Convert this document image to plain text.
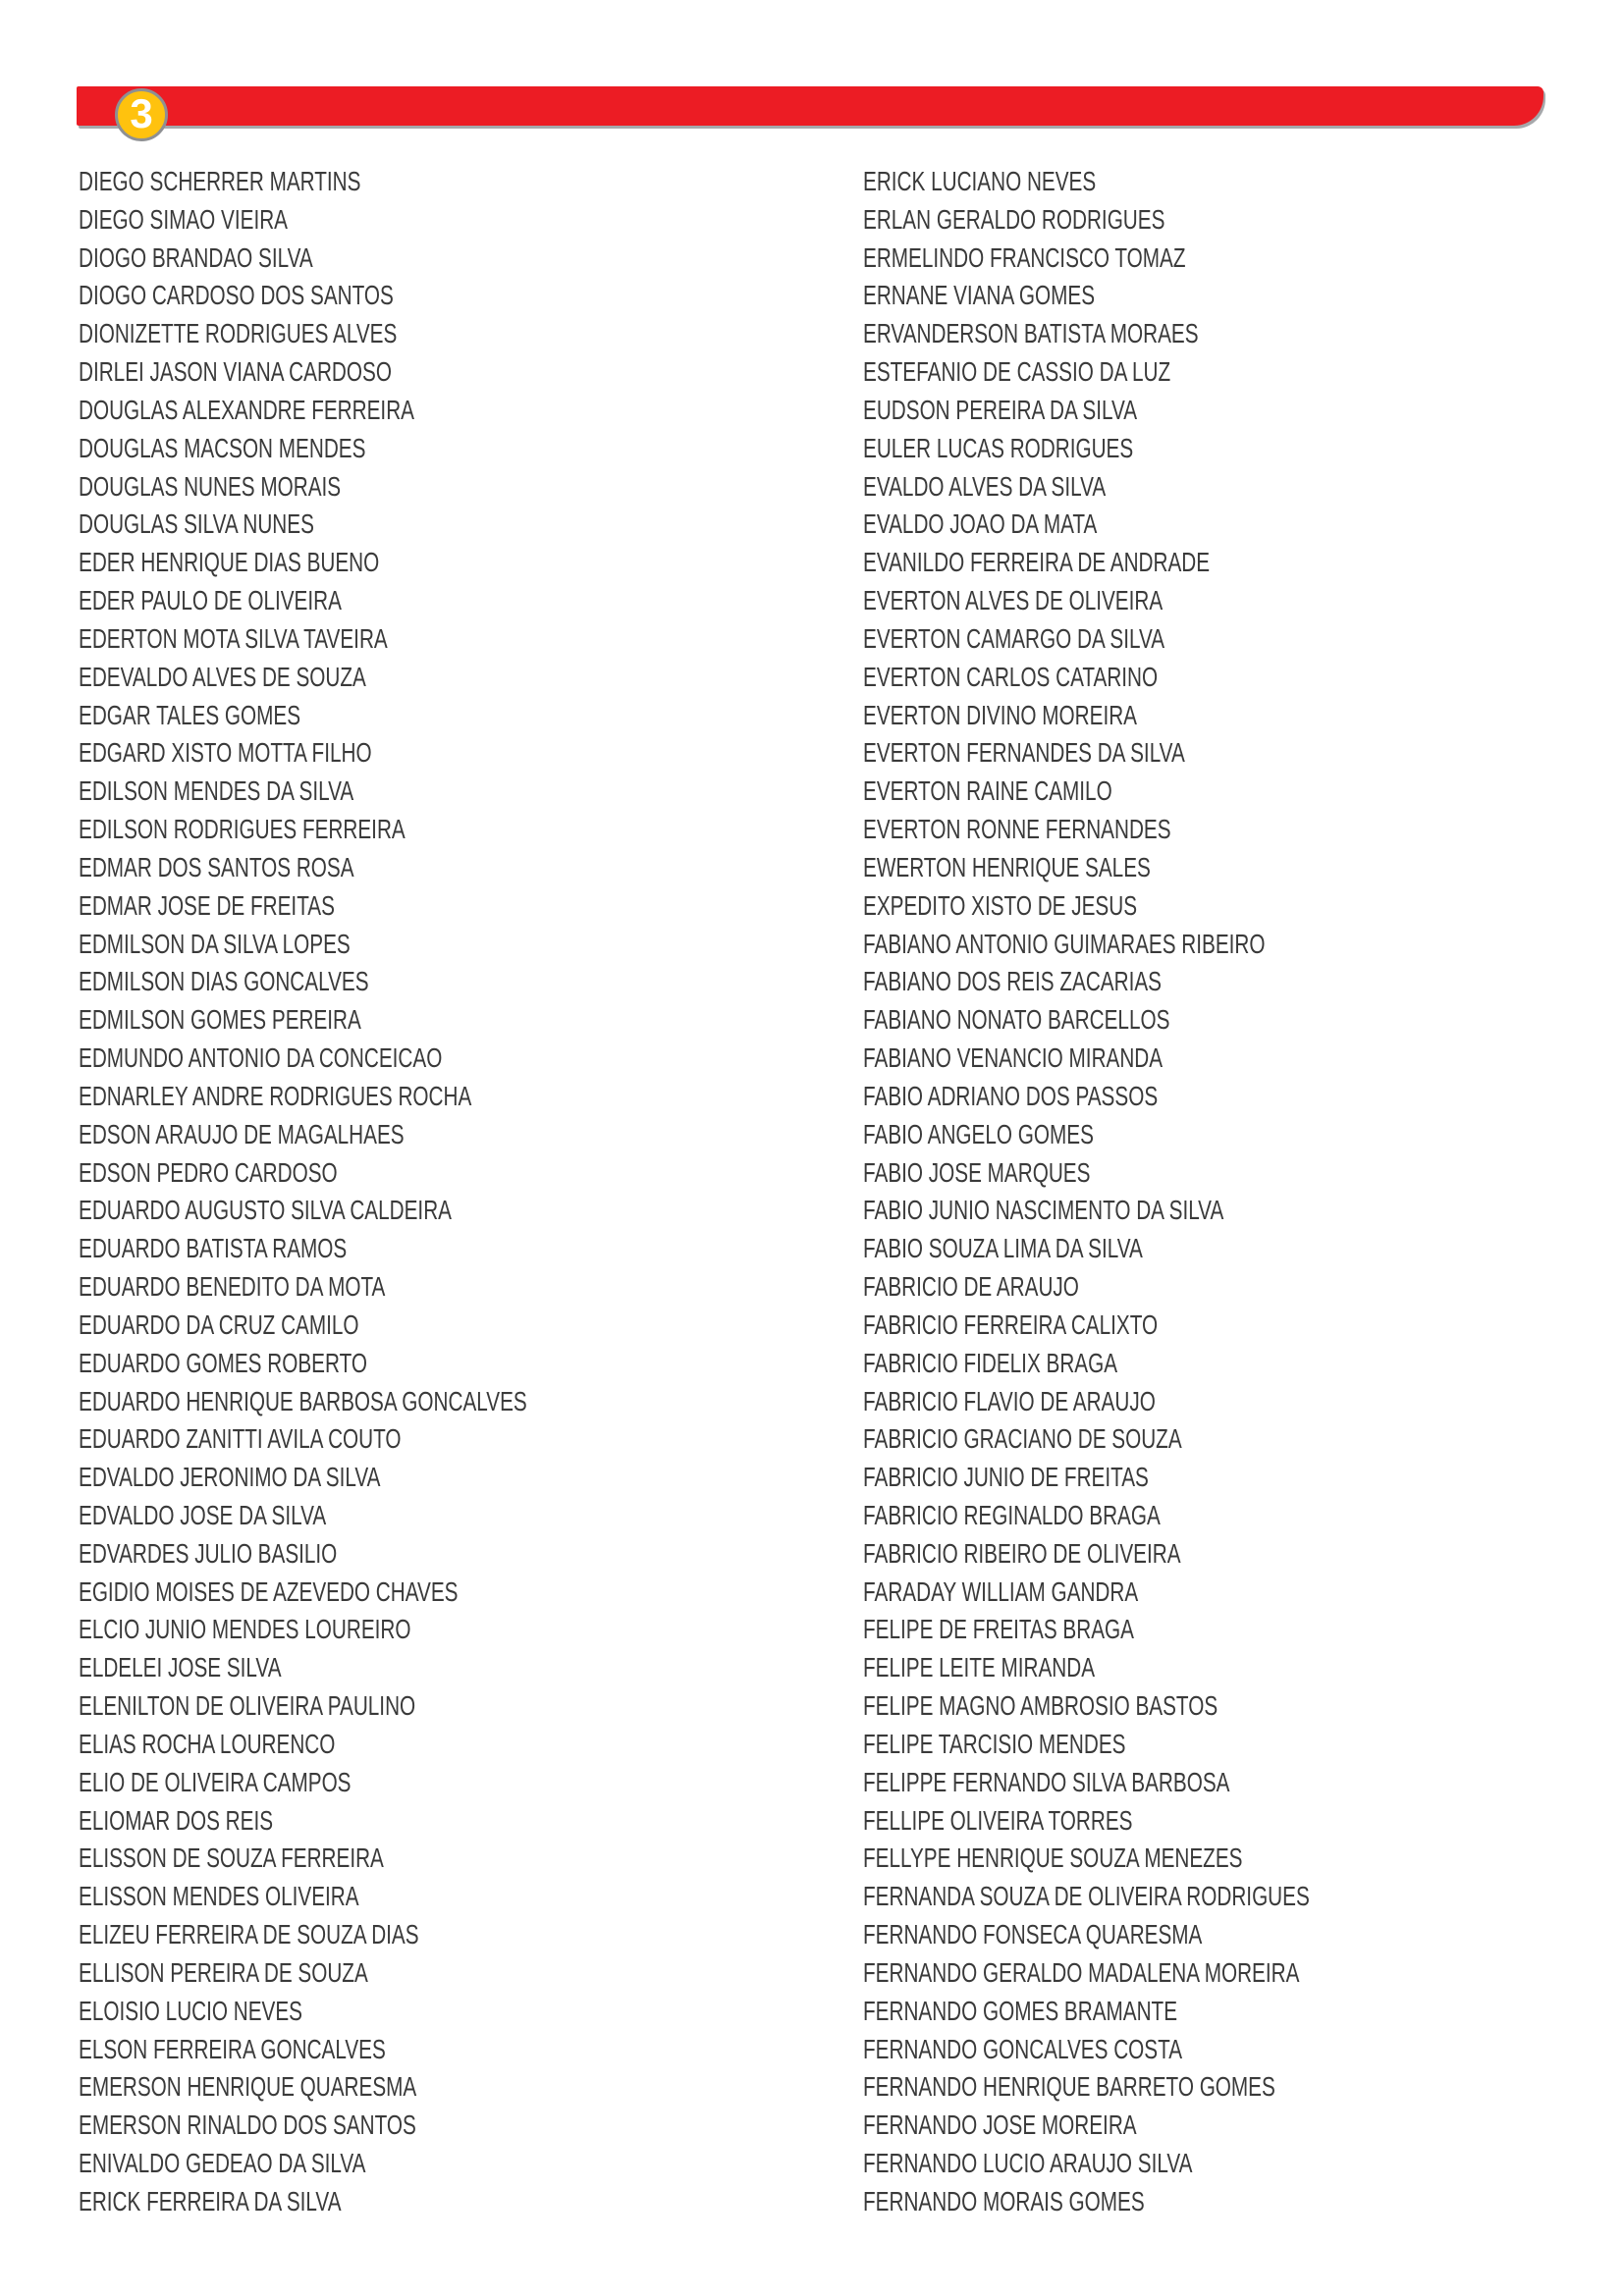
3
DIEGO SCHERRER MARTINS
DIEGO SIMAO VIEIRA
DIOGO BRANDAO SILVA
DIOGO CARDOSO DOS SANTOS
DIONIZETTE RODRIGUES ALVES
DIRLEI JASON VIANA CARDOSO
DOUGLAS ALEXANDRE FERREIRA
DOUGLAS MACSON MENDES
DOUGLAS NUNES MORAIS
DOUGLAS SILVA NUNES
EDER HENRIQUE DIAS BUENO
EDER PAULO DE OLIVEIRA
EDERTON MOTA SILVA TAVEIRA
EDEVALDO ALVES DE SOUZA
EDGAR TALES GOMES
EDGARD XISTO MOTTA FILHO
EDILSON MENDES DA SILVA
EDILSON RODRIGUES FERREIRA
EDMAR DOS SANTOS ROSA
EDMAR JOSE DE FREITAS
EDMILSON DA SILVA LOPES
EDMILSON DIAS GONCALVES
EDMILSON GOMES PEREIRA
EDMUNDO ANTONIO DA CONCEICAO
EDNARLEY ANDRE RODRIGUES ROCHA
EDSON ARAUJO DE MAGALHAES
EDSON PEDRO CARDOSO
EDUARDO AUGUSTO SILVA CALDEIRA
EDUARDO BATISTA RAMOS
EDUARDO BENEDITO DA MOTA
EDUARDO DA CRUZ CAMILO
EDUARDO GOMES ROBERTO
EDUARDO HENRIQUE BARBOSA GONCALVES
EDUARDO ZANITTI AVILA COUTO
EDVALDO JERONIMO DA SILVA
EDVALDO JOSE DA SILVA
EDVARDES JULIO BASILIO
EGIDIO MOISES DE AZEVEDO CHAVES
ELCIO JUNIO MENDES LOUREIRO
ELDELEI JOSE SILVA
ELENILTON DE OLIVEIRA PAULINO
ELIAS ROCHA LOURENCO
ELIO DE OLIVEIRA CAMPOS
ELIOMAR DOS REIS
ELISSON DE SOUZA FERREIRA
ELISSON MENDES OLIVEIRA
ELIZEU FERREIRA DE SOUZA DIAS
ELLISON PEREIRA DE SOUZA
ELOISIO LUCIO NEVES
ELSON FERREIRA GONCALVES
EMERSON HENRIQUE QUARESMA
EMERSON RINALDO DOS SANTOS
ENIVALDO GEDEAO DA SILVA
ERICK FERREIRA DA SILVA
ERICK LUCIANO NEVES
ERLAN GERALDO RODRIGUES
ERMELINDO FRANCISCO TOMAZ
ERNANE VIANA GOMES
ERVANDERSON BATISTA MORAES
ESTEFANIO DE CASSIO DA LUZ
EUDSON PEREIRA DA SILVA
EULER LUCAS RODRIGUES
EVALDO ALVES DA SILVA
EVALDO JOAO DA MATA
EVANILDO FERREIRA DE ANDRADE
EVERTON ALVES DE OLIVEIRA
EVERTON CAMARGO DA SILVA
EVERTON CARLOS CATARINO
EVERTON DIVINO MOREIRA
EVERTON FERNANDES DA SILVA
EVERTON RAINE CAMILO
EVERTON RONNE FERNANDES
EWERTON HENRIQUE SALES
EXPEDITO XISTO DE JESUS
FABIANO ANTONIO GUIMARAES RIBEIRO
FABIANO DOS REIS ZACARIAS
FABIANO NONATO BARCELLOS
FABIANO VENANCIO MIRANDA
FABIO ADRIANO DOS PASSOS
FABIO ANGELO GOMES
FABIO JOSE MARQUES
FABIO JUNIO NASCIMENTO DA SILVA
FABIO SOUZA LIMA DA SILVA
FABRICIO DE ARAUJO
FABRICIO FERREIRA CALIXTO
FABRICIO FIDELIX BRAGA
FABRICIO FLAVIO DE ARAUJO
FABRICIO GRACIANO DE SOUZA
FABRICIO JUNIO DE FREITAS
FABRICIO REGINALDO BRAGA
FABRICIO RIBEIRO DE OLIVEIRA
FARADAY WILLIAM GANDRA
FELIPE DE FREITAS BRAGA
FELIPE LEITE MIRANDA
FELIPE MAGNO AMBROSIO BASTOS
FELIPE TARCISIO MENDES
FELIPPE FERNANDO SILVA BARBOSA
FELLIPE OLIVEIRA TORRES
FELLYPE HENRIQUE SOUZA MENEZES
FERNANDA SOUZA DE OLIVEIRA RODRIGUES
FERNANDO FONSECA QUARESMA
FERNANDO GERALDO MADALENA MOREIRA
FERNANDO GOMES BRAMANTE
FERNANDO GONCALVES COSTA
FERNANDO HENRIQUE BARRETO GOMES
FERNANDO JOSE MOREIRA
FERNANDO LUCIO ARAUJO SILVA
FERNANDO MORAIS GOMES
